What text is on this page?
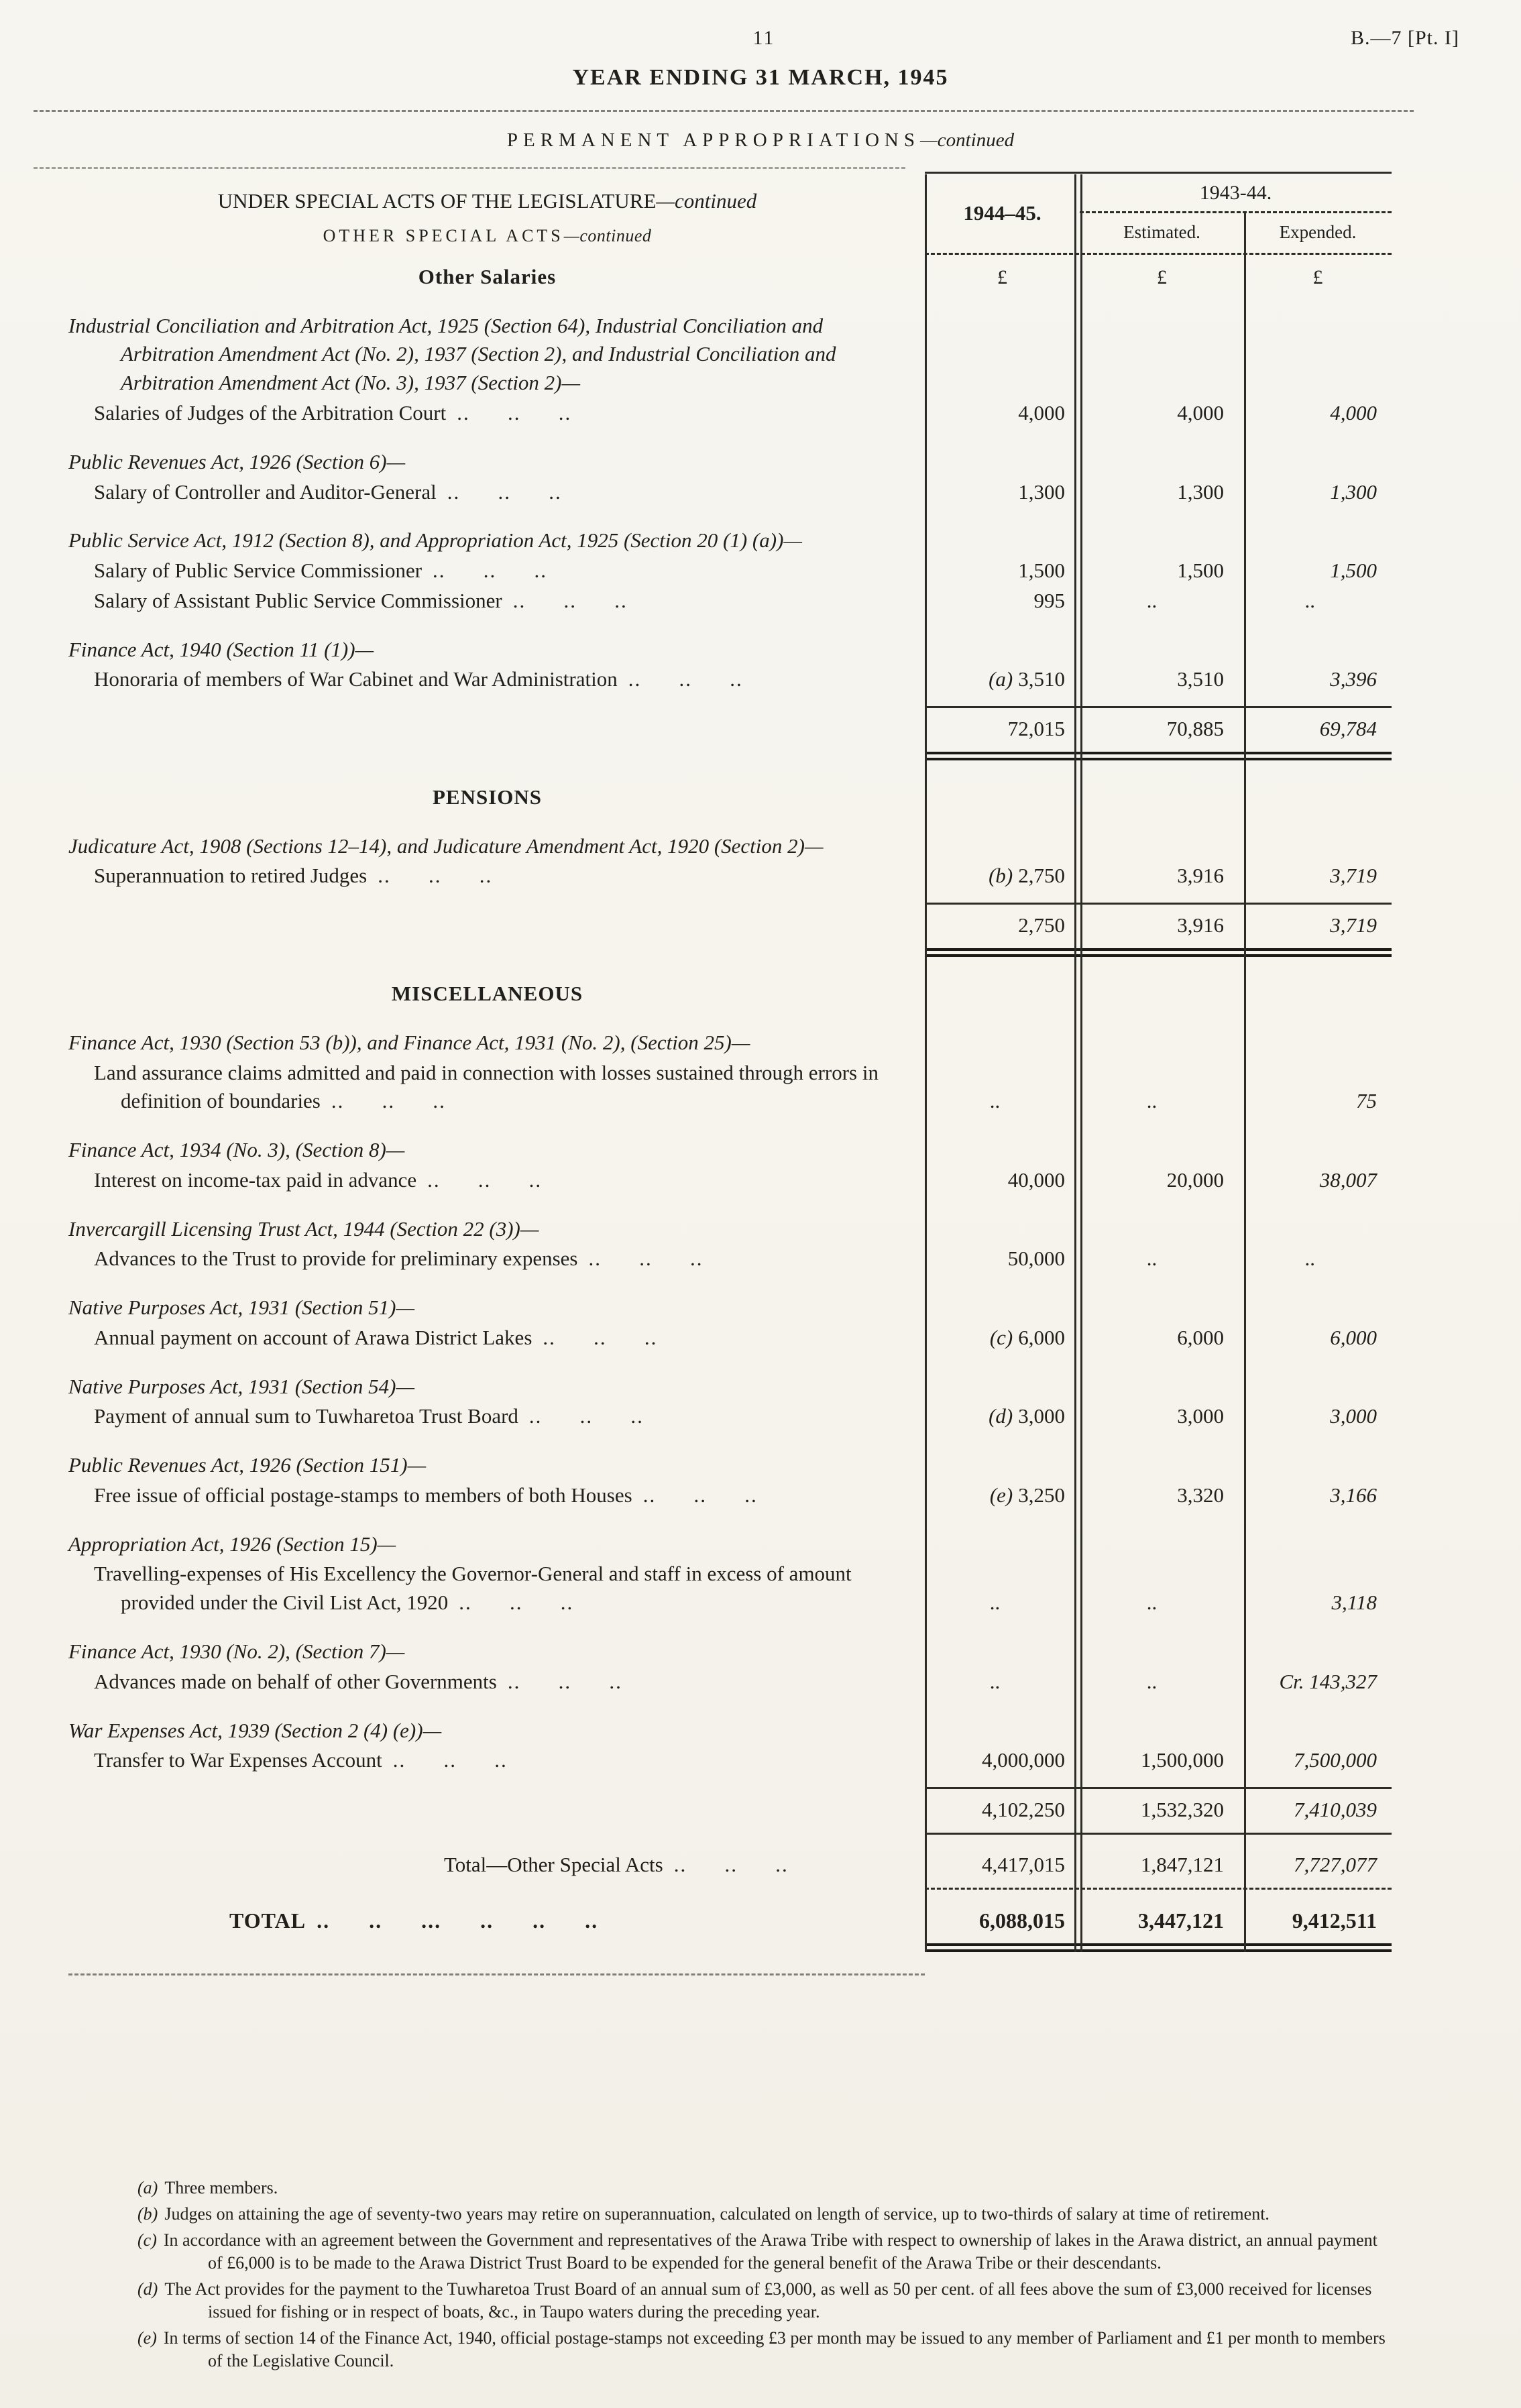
11	B.—7 [Pt. I]
YEAR ENDING 31 MARCH, 1945
PERMANENT APPROPRIATIONS—continued
UNDER SPECIAL ACTS OF THE LEGISLATURE—continued
OTHER SPECIAL ACTS—continued
1944–45.
1943-44.
Estimated.	Expended.
Other Salaries	£	£	£
Industrial Conciliation and Arbitration Act, 1925 (Section 64), Industrial Conciliation and Arbitration Amendment Act (No. 2), 1937 (Section 2), and Industrial Conciliation and Arbitration Amendment Act (No. 3), 1937 (Section 2)—
Salaries of Judges of the Arbitration Court .. .. ..	4,000	4,000	4,000
Public Revenues Act, 1926 (Section 6)—
Salary of Controller and Auditor-General .. .. ..	1,300	1,300	1,300
Public Service Act, 1912 (Section 8), and Appropriation Act, 1925 (Section 20 (1) (a))—
Salary of Public Service Commissioner .. .. ..	1,500	1,500	1,500
Salary of Assistant Public Service Commissioner .. .. ..	995	..	..
Finance Act, 1940 (Section 11 (1))—
Honoraria of members of War Cabinet and War Administration .. .. ..	(a) 3,510	3,510	3,396
72,015	70,885	69,784
PENSIONS
Judicature Act, 1908 (Sections 12–14), and Judicature Amendment Act, 1920 (Section 2)—
Superannuation to retired Judges .. .. ..	(b) 2,750	3,916	3,719
2,750	3,916	3,719
MISCELLANEOUS
Finance Act, 1930 (Section 53 (b)), and Finance Act, 1931 (No. 2), (Section 25)—
Land assurance claims admitted and paid in connection with losses sustained through errors in definition of boundaries .. .. ..	..	..	75
Finance Act, 1934 (No. 3), (Section 8)—
Interest on income-tax paid in advance .. .. ..	40,000	20,000	38,007
Invercargill Licensing Trust Act, 1944 (Section 22 (3))—
Advances to the Trust to provide for preliminary expenses .. .. ..	50,000	..	..
Native Purposes Act, 1931 (Section 51)—
Annual payment on account of Arawa District Lakes .. .. ..	(c) 6,000	6,000	6,000
Native Purposes Act, 1931 (Section 54)—
Payment of annual sum to Tuwharetoa Trust Board .. .. ..	(d) 3,000	3,000	3,000
Public Revenues Act, 1926 (Section 151)—
Free issue of official postage-stamps to members of both Houses .. .. ..	(e) 3,250	3,320	3,166
Appropriation Act, 1926 (Section 15)—
Travelling-expenses of His Excellency the Governor-General and staff in excess of amount provided under the Civil List Act, 1920 .. .. ..	..	..	3,118
Finance Act, 1930 (No. 2), (Section 7)—
Advances made on behalf of other Governments .. .. ..	..	..	Cr. 143,327
War Expenses Act, 1939 (Section 2 (4) (e))—
Transfer to War Expenses Account .. .. ..	4,000,000	1,500,000	7,500,000
4,102,250	1,532,320	7,410,039
Total—Other Special Acts .. .. ..	4,417,015	1,847,121	7,727,077
TOTAL .. .. ... .. .. ..	6,088,015	3,447,121	9,412,511
(a) Three members.
(b) Judges on attaining the age of seventy-two years may retire on superannuation, calculated on length of service, up to two-thirds of salary at time of retirement.
(c) In accordance with an agreement between the Government and representatives of the Arawa Tribe with respect to ownership of lakes in the Arawa district, an annual payment of £6,000 is to be made to the Arawa District Trust Board to be expended for the general benefit of the Arawa Tribe or their descendants.
(d) The Act provides for the payment to the Tuwharetoa Trust Board of an annual sum of £3,000, as well as 50 per cent. of all fees above the sum of £3,000 received for licenses issued for fishing or in respect of boats, &c., in Taupo waters during the preceding year.
(e) In terms of section 14 of the Finance Act, 1940, official postage-stamps not exceeding £3 per month may be issued to any member of Parliament and £1 per month to members of the Legislative Council.
